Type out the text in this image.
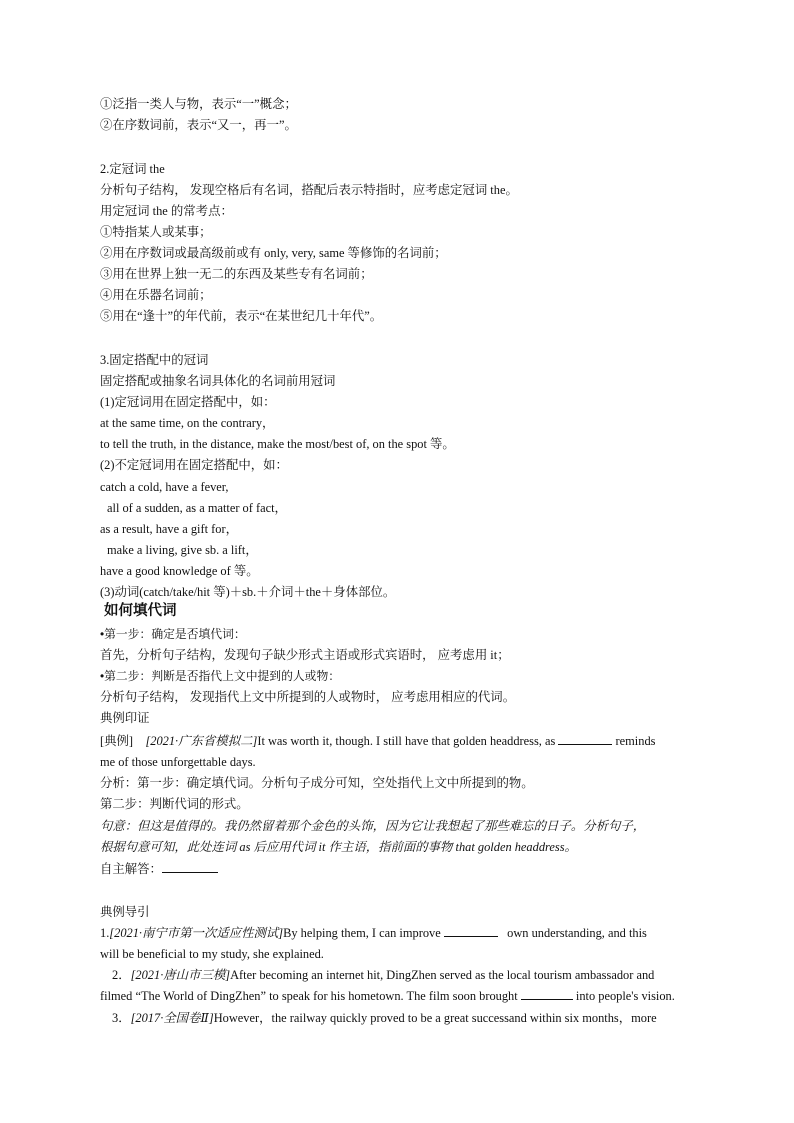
①泛指一类人与物，表示“一”概念；
②在序数词前，表示“又一，再一”。
2.定冠词 the
分析句子结构， 发现空格后有名词，搭配后表示特指时，应考虑定冠词 the。
用定冠词 the 的常考点：
①特指某人或某事；
②用在序数词或最高级前或有 only, very, same 等修饰的名词前；
③用在世界上独一无二的东西及某些专有名词前；
④用在乐器名词前；
⑤用在“逢十”的年代前，表示“在某世纪几十年代”。
3.固定搭配中的冠词
固定搭配或抽象名词具体化的名词前用冠词
(1)定冠词用在固定搭配中，如：
at the same time, on the contrary，
to tell the truth, in the distance, make the most/best of, on the spot 等。
(2)不定冠词用在固定搭配中，如：
catch a cold, have a fever,
all of a sudden, as a matter of fact，
as a result, have a gift for，
make a living, give sb. a lift，
have a good knowledge of 等。
(3)动词(catch/take/hit 等)＋sb.＋介词＋the＋身体部位。
如何填代词
•第一步：确定是否填代词：
首先，分析句子结构，发现句子缺少形式主语或形式宾语时， 应考虑用 it；
•第二步：判断是否指代上文中提到的人或物：
分析句子结构， 发现指代上文中所提到的人或物时， 应考虑用相应的代词。
典例印证
[典例] [2021·广东省模拟二]It was worth it, though. I still have that golden headdress, as	reminds
me of those unforgettable days.
分析：第一步：确定填代词。分析句子成分可知，空处指代上文中所提到的物。
第二步：判断代词的形式。
句意：但这是值得的。我仍然留着那个金色的头饰，因为它让我想起了那些难忘的日子。分析句子，
根据句意可知，此处连词 as 后应用代词 it 作主语，指前面的事物 that golden headdress。
自主解答：
典例导引
1.[2021·南宁市第一次适应性测试]By helping them, I can improve	own understanding, and this
will be beneficial to my study, she explained.
2．[2021·唐山市三模]After becoming an internet hit, DingZhen served as the local tourism ambassador and
filmed “The World of DingZhen” to speak for his hometown. The film soon brought	into people's vision.
3．[2017·全国卷Ⅱ]However，the railway quickly proved to be a great successand within six months，more
